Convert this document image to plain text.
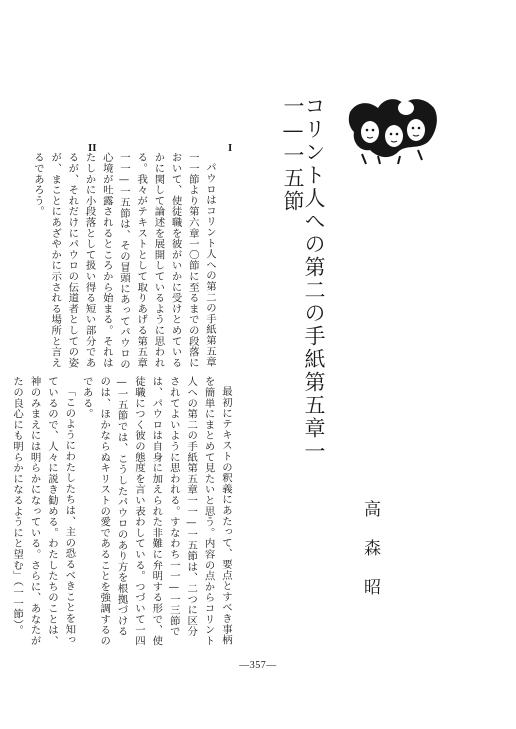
コリント人への第二の手紙第五章一一—一五節
高森昭
I
II

パウロはコリント人への第二の手紙第五章一一節より第六章一〇節に至るまでの段落において、使徒職を彼がいかに受けとめているかに関して論述を展開しているように思われる。我々がテキストとして取りあげる第五章一一—一五節は、その冒頭にあってパウロの心境が吐露されるところから始まる。それはたしかに小段落として扱い得る短い部分であるが、それだけにパウロの伝道者としての姿が、まことにあざやかに示される場所と言えるであろう。

最初にテキストの釈義にあたって、要点とすべき事柄を簡単にまとめて見たいと思う。内容の点からコリント人への第二の手紙第五章一一—一五節は、二つに区分されてよいように思われる。すなわち一一—一三節では、パウロは自身に加えられた非難に弁明する形で、使徒職につく彼の態度を言い表わしている。つづいて一四—一五節では、こうしたパウロのあり方を根拠づけるのは、ほかならぬキリストの愛であることを強調するのである。

「このようにわたしたちは、主の恐るべきことを知っているので、人々に説き勧める。わたしたちのことは、神のみまえには明らかになっている。さらに、あなたがたの良心にも明らかになるようにと望む」（一一節）。

—357—
